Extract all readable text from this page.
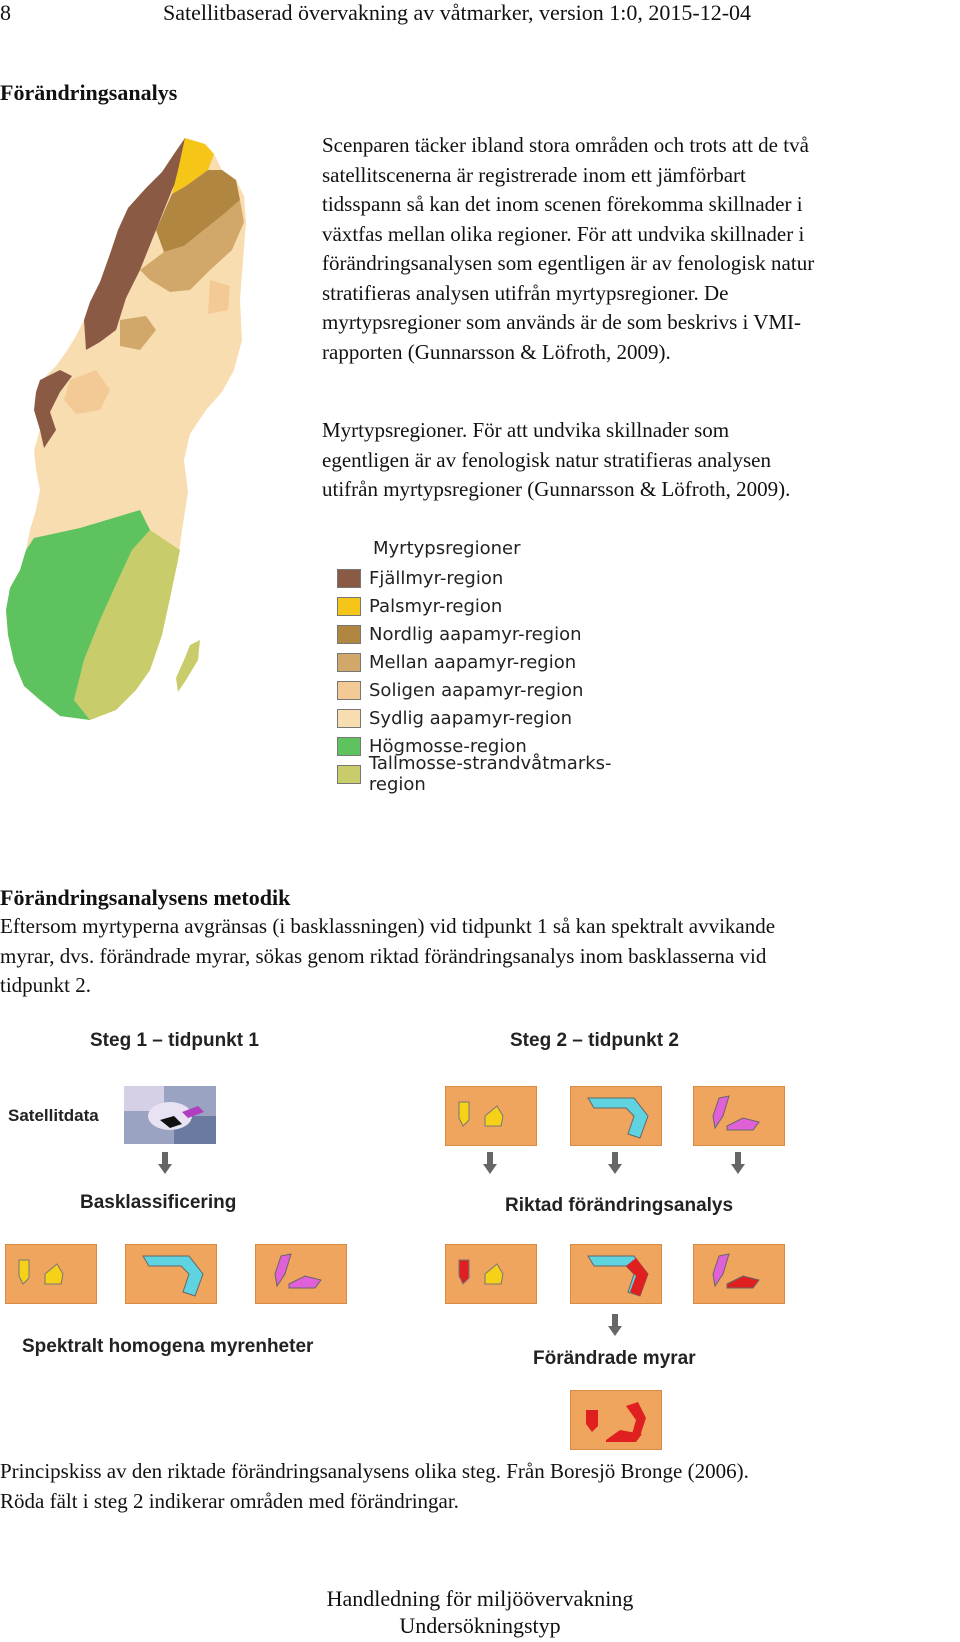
8	Satellitbaserad övervakning av våtmarker, version 1:0, 2015-12-04
Förändringsanalys

Scenparen täcker ibland stora områden och trots att de två

satellitscenerna är registrerade inom ett jämförbart

tidsspann så kan det inom scenen förekomma skillnader i

växtfas mellan olika regioner. För att undvika skillnader i

förändringsanalysen som egentligen är av fenologisk natur

stratifieras analysen utifrån myrtypsregioner. De

myrtypsregioner som används är de som beskrivs i VMI-

rapporten (Gunnarsson & Löfroth, 2009).

Myrtypsregioner. För att undvika skillnader som

egentligen är av fenologisk natur stratifieras analysen

utifrån myrtypsregioner (Gunnarsson & Löfroth, 2009).

Myrtypsregioner
Fjällmyr-region
Palsmyr-region
Nordlig aapamyr-region
Mellan aapamyr-region
Soligen aapamyr-region
Sydlig aapamyr-region
Högmosse-region
Tallmosse-strandvåtmarks-region
Förändringsanalysens metodik

Eftersom myrtyperna avgränsas (i basklassningen) vid tidpunkt 1 så kan spektralt avvikande

myrar, dvs. förändrade myrar, sökas genom riktad förändringsanalys inom basklasserna vid

tidpunkt 2.

Steg 1 – tidpunkt 1	Steg 2 – tidpunkt 2
Satellitdata
Basklassificering	Riktad förändringsanalys
Spektralt homogena myrenheter
Förändrade myrar

Principskiss av den riktade förändringsanalysens olika steg. Från Boresjö Bronge (2006).

Röda fält i steg 2 indikerar områden med förändringar.

Handledning för miljöövervakning
Undersökningstyp
